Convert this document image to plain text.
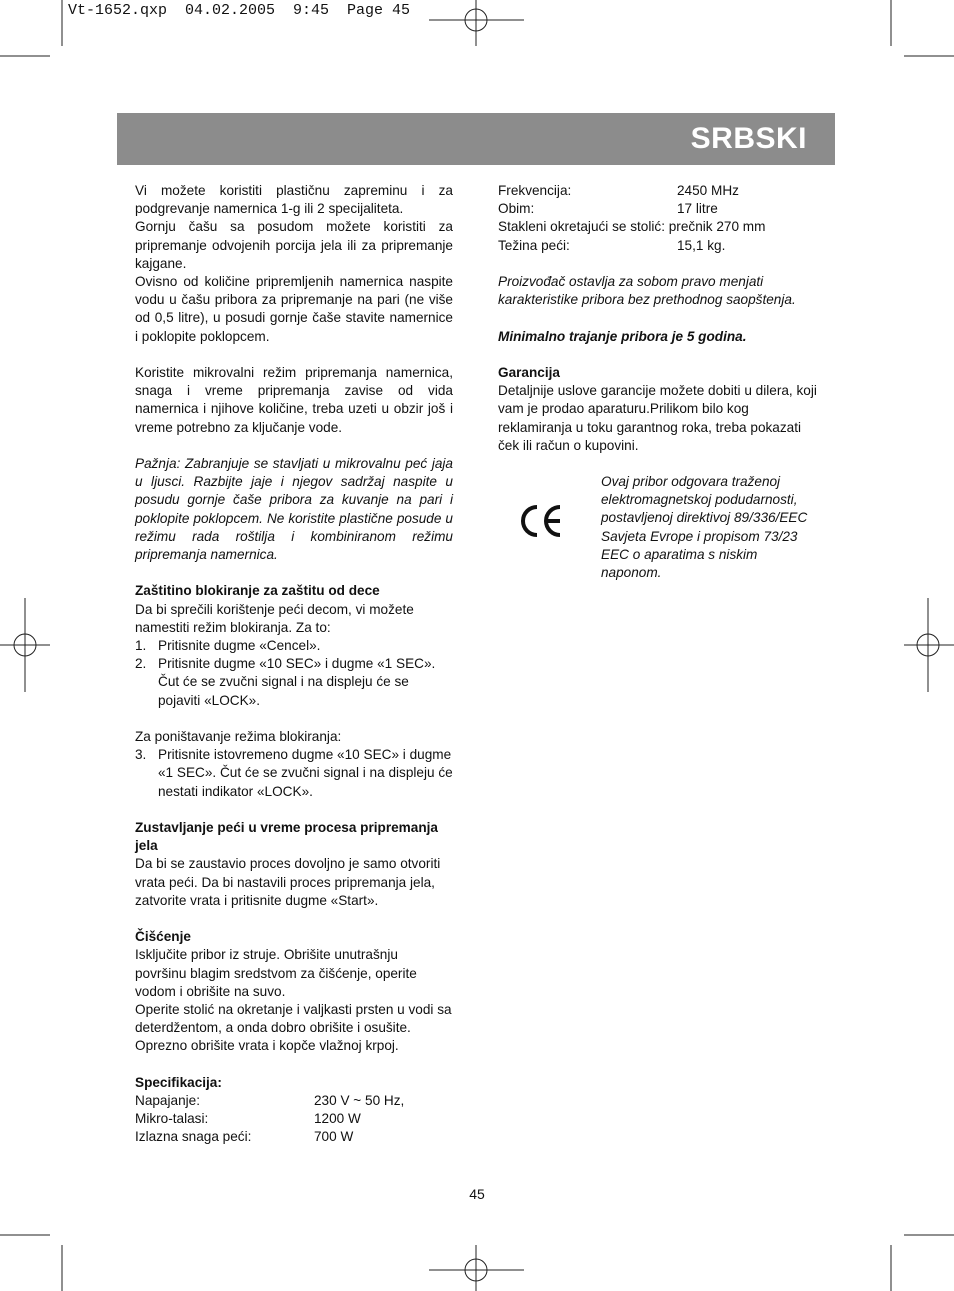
Vt-1652.qxp  04.02.2005  9:45  Page 45
SRBSKI

Vi možete koristiti plastičnu zapreminu i za podgrevanje namernica 1-g ili 2 specijaliteta.

Gornju čašu sa posudom možete koristiti za pripremanje odvojenih porcija jela ili za pripremanje kajgane.

Ovisno od količine pripremljenih namernica naspite vodu u čašu pribora za pripremanje na pari (ne više od 0,5 litre), u posudi gornje čaše stavite namernice i poklopite poklopcem.

Koristite mikrovalni režim pripremanja namernica, snaga i vreme pripremanja zavise od vida namernica i njihove količine, treba uzeti u obzir još i vreme potrebno za ključanje vode.

Pažnja: Zabranjuje se stavljati u mikrovalnu peć jaja u ljusci. Razbijte jaje i njegov sadržaj naspite u posudu gornje čaše pribora za kuvanje na pari i poklopite poklopcem. Ne koristite plastične posude u režimu rada roštilja i kombiniranom režimu pripremanja namernica.

Zaštitino blokiranje za zaštitu od dece

Da bi sprečili korištenje peći decom, vi možete namestiti režim blokiranja. Za to:

1. Pritisnite dugme «Cencel».
2. Pritisnite dugme «10 SEC» i dugme «1 SEC». Čut će se zvučni signal i na displeju će se pojaviti «LOCK».

Za poništavanje režima blokiranja:

3. Pritisnite istovremeno dugme «10 SEC» i dugme «1 SEC». Čut će se zvučni signal i na displeju će nestati indikator «LOCK».

Zustavljanje peći u vreme procesa pripremanja jela

Da bi se zaustavio proces dovoljno je samo otvoriti vrata peći. Da bi nastavili proces pripremanja jela, zatvorite vrata i pritisnite dugme «Start».

Čišćenje

Isključite pribor iz struje. Obrišite unutrašnju površinu blagim sredstvom za čišćenje, operite vodom i obrišite na suvo.

Operite stolić na okretanje i valjkasti prsten u vodi sa deterdžentom, a onda dobro obrišite i osušite. Oprezno obrišite vrata i kopče vlažnoj krpoj.

Specifikacija:

Napajanje:	230 V ~ 50 Hz,
Mikro-talasi:	1200 W
Izlazna snaga peći:	700 W
Frekvencija:	2450 MHz
Obim:	17 litre

Stakleni okretajući se stolić: prečnik 270 mm

Težina peći:	15,1 kg.

Proizvođač ostavlja za sobom pravo menjati karakteristike pribora bez prethodnog saopštenja.

Minimalno trajanje pribora je 5 godina.

Garancija

Detaljnije uslove garancije možete dobiti u dilera, koji vam je prodao aparaturu.Prilikom bilo kog reklamiranja u toku garantnog roka, treba pokazati ček ili račun o kupovini.

Ovaj pribor odgovara traženoj elektromagnetskoj podudarnosti, postavljenoj direktivoj 89/336/EEC Savjeta Evrope i propisom 73/23 EEC o aparatima s niskim naponom.

45
